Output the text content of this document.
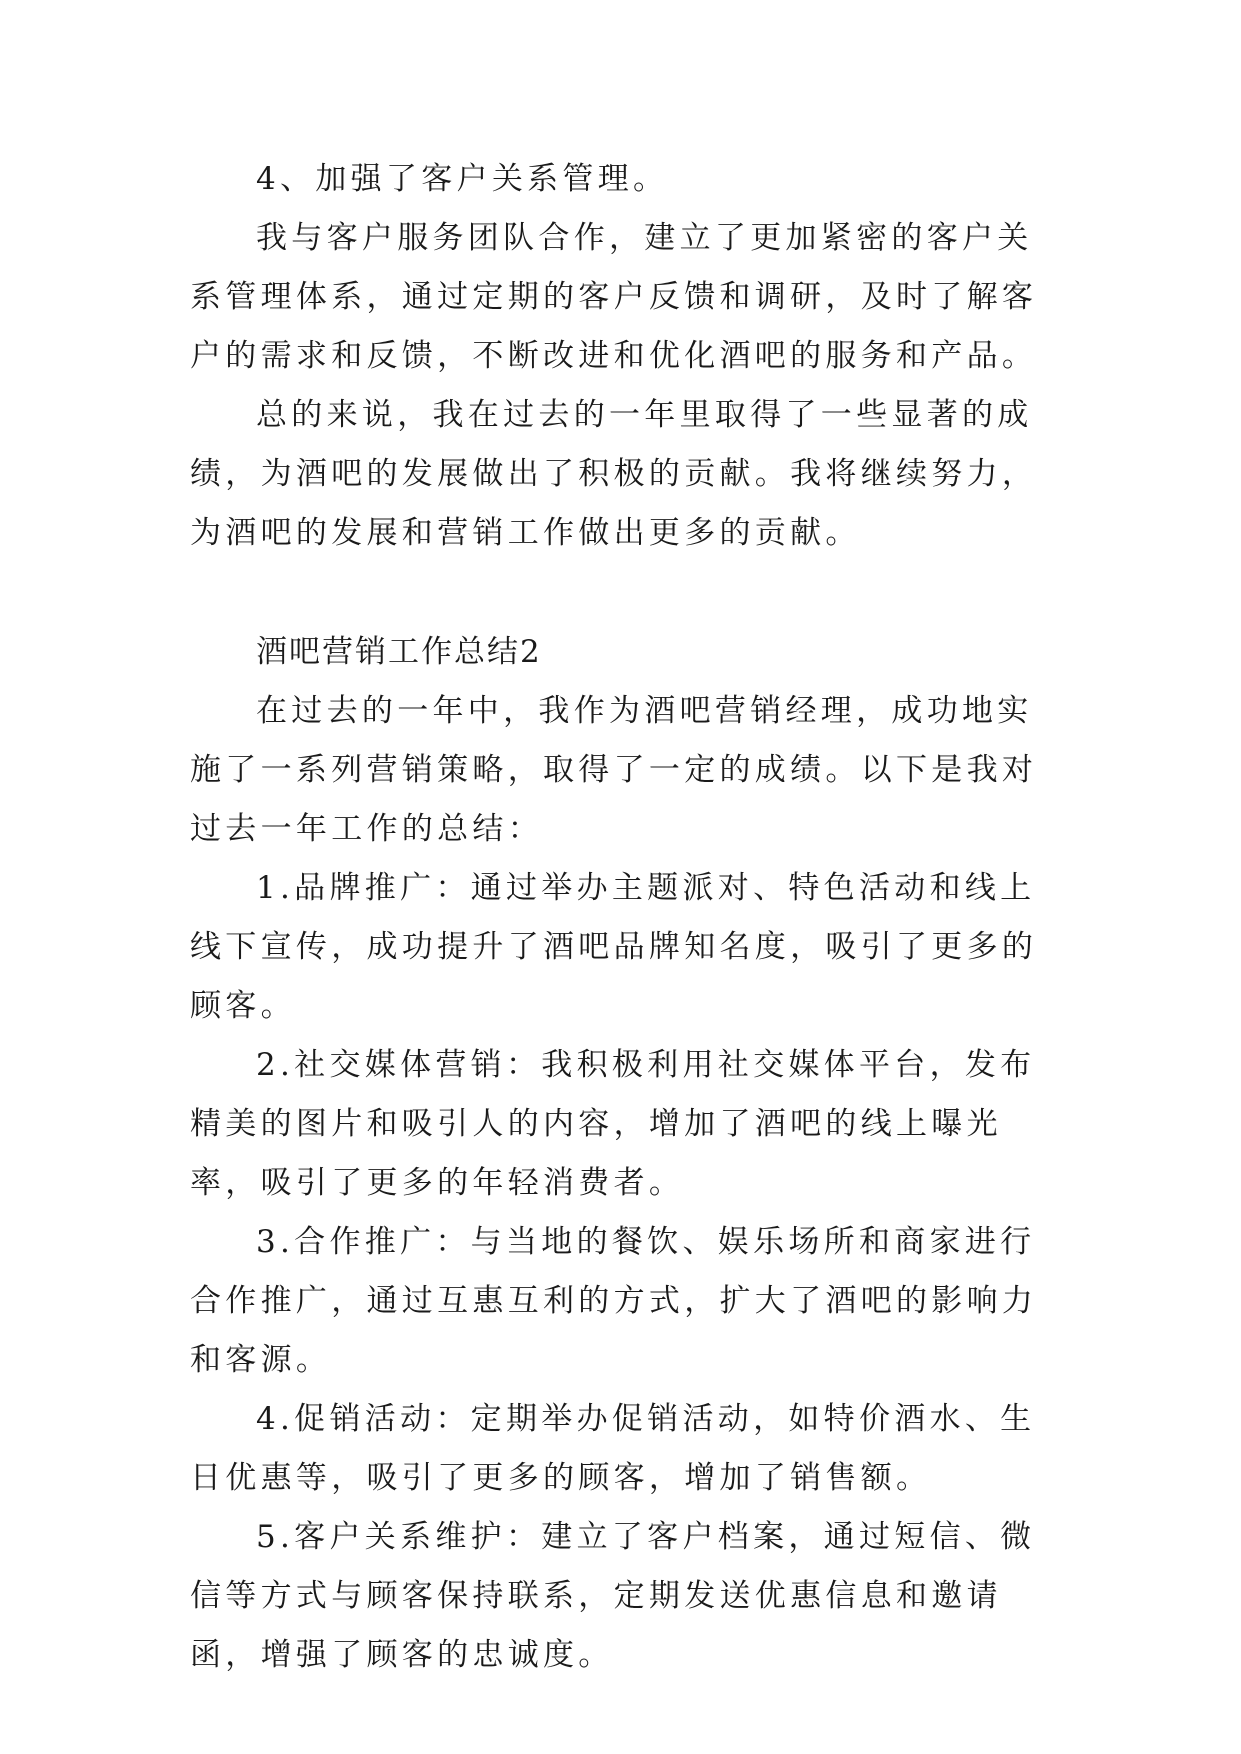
4、加强了客户关系管理。

我与客户服务团队合作，建立了更加紧密的客户关系管理体系，通过定期的客户反馈和调研，及时了解客户的需求和反馈，不断改进和优化酒吧的服务和产品。

总的来说，我在过去的一年里取得了一些显著的成绩，为酒吧的发展做出了积极的贡献。我将继续努力，为酒吧的发展和营销工作做出更多的贡献。

酒吧营销工作总结2

在过去的一年中，我作为酒吧营销经理，成功地实施了一系列营销策略，取得了一定的成绩。以下是我对过去一年工作的总结：

1.品牌推广：通过举办主题派对、特色活动和线上线下宣传，成功提升了酒吧品牌知名度，吸引了更多的顾客。

2.社交媒体营销：我积极利用社交媒体平台，发布精美的图片和吸引人的内容，增加了酒吧的线上曝光率，吸引了更多的年轻消费者。

3.合作推广：与当地的餐饮、娱乐场所和商家进行合作推广，通过互惠互利的方式，扩大了酒吧的影响力和客源。

4.促销活动：定期举办促销活动，如特价酒水、生日优惠等，吸引了更多的顾客，增加了销售额。

5.客户关系维护：建立了客户档案，通过短信、微信等方式与顾客保持联系，定期发送优惠信息和邀请函，增强了顾客的忠诚度。
